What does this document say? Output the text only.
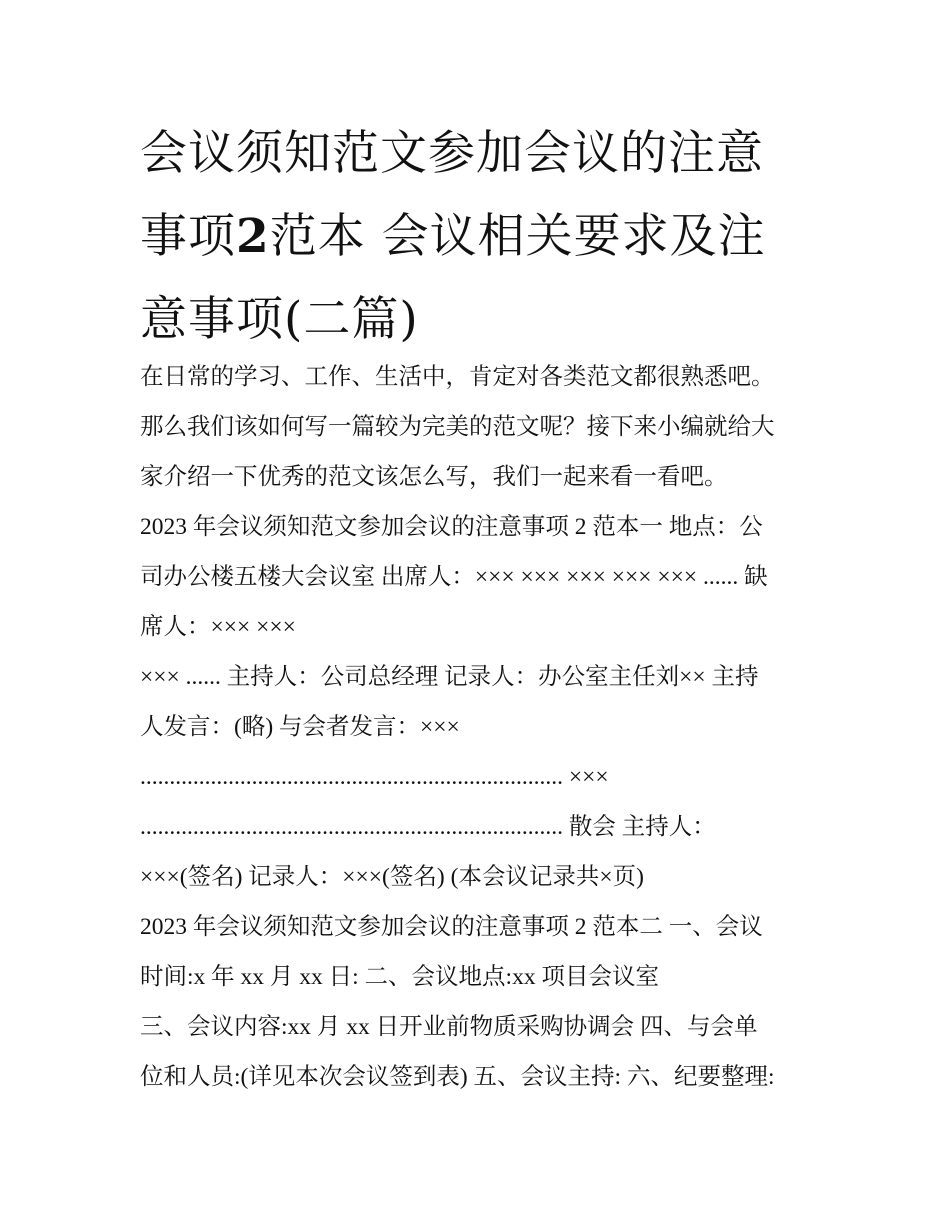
会议须知范文参加会议的注意
事项2范本 会议相关要求及注
意事项(二篇)
在日常的学习、工作、生活中，肯定对各类范文都很熟悉吧。
那么我们该如何写一篇较为完美的范文呢？接下来小编就给大
家介绍一下优秀的范文该怎么写，我们一起来看一看吧。
2023 年会议须知范文参加会议的注意事项 2 范本一 地点：公
司办公楼五楼大会议室 出席人：××× ××× ××× ××× ××× ...... 缺
席人：××× ×××
××× ...... 主持人：公司总经理 记录人：办公室主任刘×× 主持
人发言：(略) 与会者发言：×××
........................................................................ ×××
........................................................................ 散会 主持人：
×××(签名) 记录人：×××(签名) (本会议记录共×页)
2023 年会议须知范文参加会议的注意事项 2 范本二 一、会议
时间:x 年 xx 月 xx 日: 二、会议地点:xx 项目会议室
三、会议内容:xx 月 xx 日开业前物质采购协调会 四、与会单
位和人员:(详见本次会议签到表) 五、会议主持: 六、纪要整理:
